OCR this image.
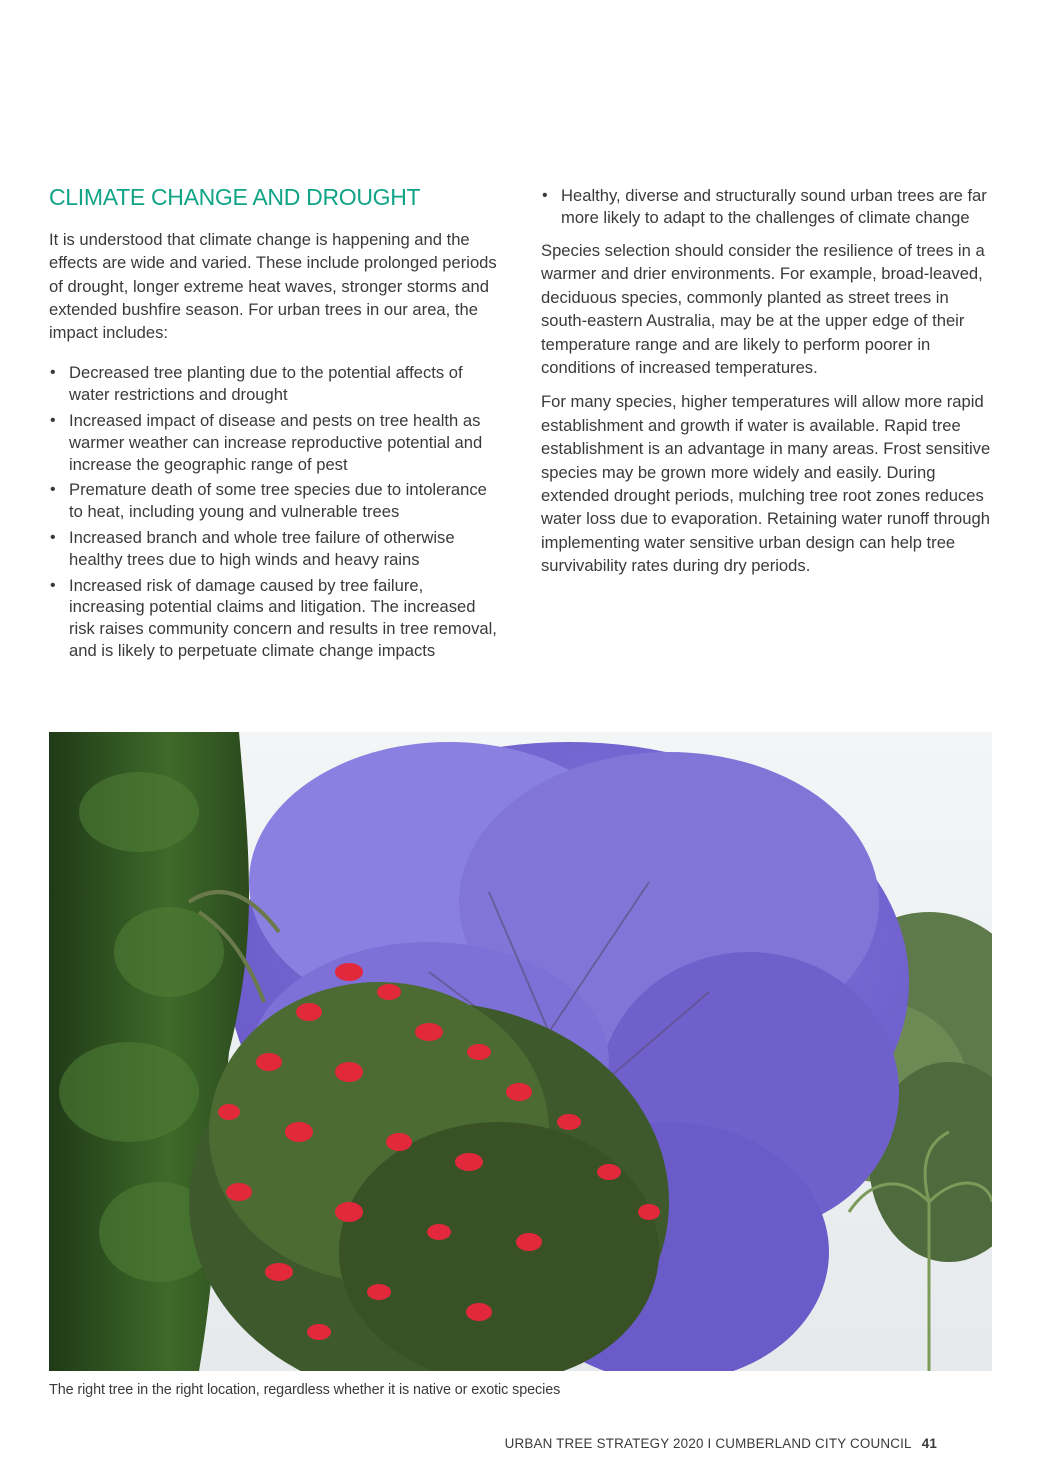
CLIMATE CHANGE AND DROUGHT

It is understood that climate change is happening and the effects are wide and varied. These include prolonged periods of drought, longer extreme heat waves, stronger storms and extended bushfire season. For urban trees in our area, the impact includes:

• Decreased tree planting due to the potential affects of water restrictions and drought
• Increased impact of disease and pests on tree health as warmer weather can increase reproductive potential and increase the geographic range of pest
• Premature death of some tree species due to intolerance to heat, including young and vulnerable trees
• Increased branch and whole tree failure of otherwise healthy trees due to high winds and heavy rains
• Increased risk of damage caused by tree failure, increasing potential claims and litigation. The increased risk raises community concern and results in tree removal, and is likely to perpetuate climate change impacts
• Healthy, diverse and structurally sound urban trees are far more likely to adapt to the challenges of climate change

Species selection should consider the resilience of trees in a warmer and drier environments. For example, broad-leaved, deciduous species, commonly planted as street trees in south-eastern Australia, may be at the upper edge of their temperature range and are likely to perform poorer in conditions of increased temperatures.

For many species, higher temperatures will allow more rapid establishment and growth if water is available. Rapid tree establishment is an advantage in many areas. Frost sensitive species may be grown more widely and easily. During extended drought periods, mulching tree root zones reduces water loss due to evaporation. Retaining water runoff through implementing water sensitive urban design can help tree survivability rates during dry periods.

The right tree in the right location, regardless whether it is native or exotic species
URBAN TREE STRATEGY 2020 I CUMBERLAND CITY COUNCIL 41
